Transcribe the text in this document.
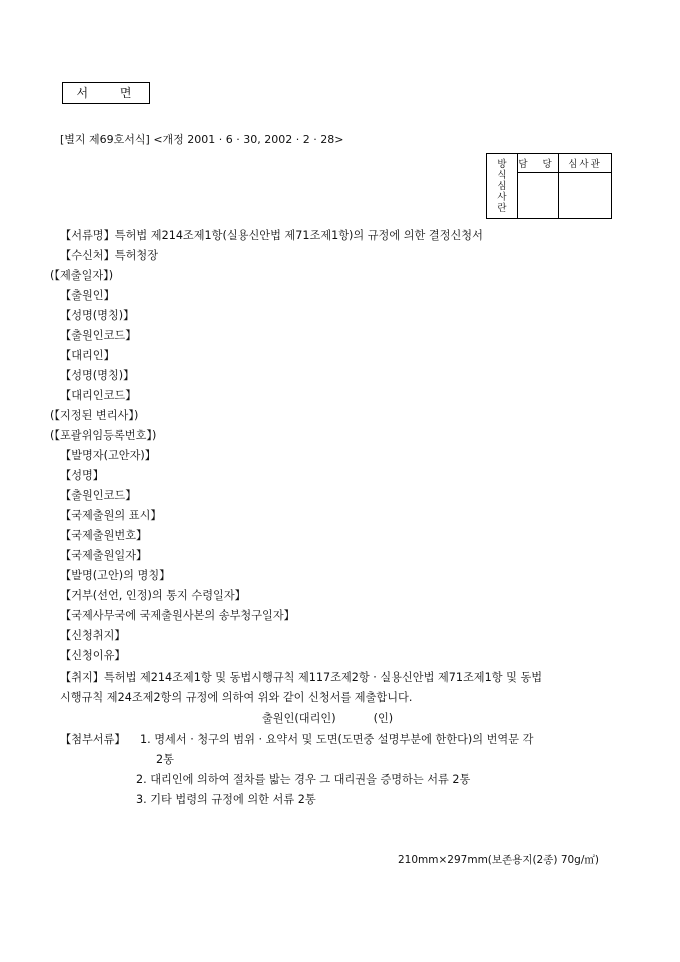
서 면
[별지 제69호서식] <개정 2001 · 6 · 30, 2002 · 2 · 28>
방
식
심
사
란	담 당	심사관

【서류명】특허법 제214조제1항(실용신안법 제71조제1항)의 규정에 의한 결정신청서
【수신처】특허청장
(【제출일자】)
【출원인】
【성명(명칭)】
【출원인코드】
【대리인】
【성명(명칭)】
【대리인코드】
(【지정된 변리사】)
(【포괄위임등록번호】)
【발명자(고안자)】
【성명】
【출원인코드】
【국제출원의 표시】
【국제출원번호】
【국제출원일자】
【발명(고안)의 명칭】
【거부(선언, 인정)의 통지 수령일자】
【국제사무국에 국제출원사본의 송부청구일자】
【신청취지】
【신청이유】
【취지】특허법 제214조제1항 및 동법시행규칙 제117조제2항 · 실용신안법 제71조제1항 및 동법
시행규칙 제24조제2항의 규정에 의하여 위와 같이 신청서를 제출합니다.
출원인(대리인)	(인)
【첨부서류】 1. 명세서 · 청구의 범위 · 요약서 및 도면(도면중 설명부분에 한한다)의 번역문 각
2통
2. 대리인에 의하여 절차를 밟는 경우 그 대리권을 증명하는 서류 2통
3. 기타 법령의 규정에 의한 서류 2통
210mm×297mm(보존용지(2종) 70g/㎡)
